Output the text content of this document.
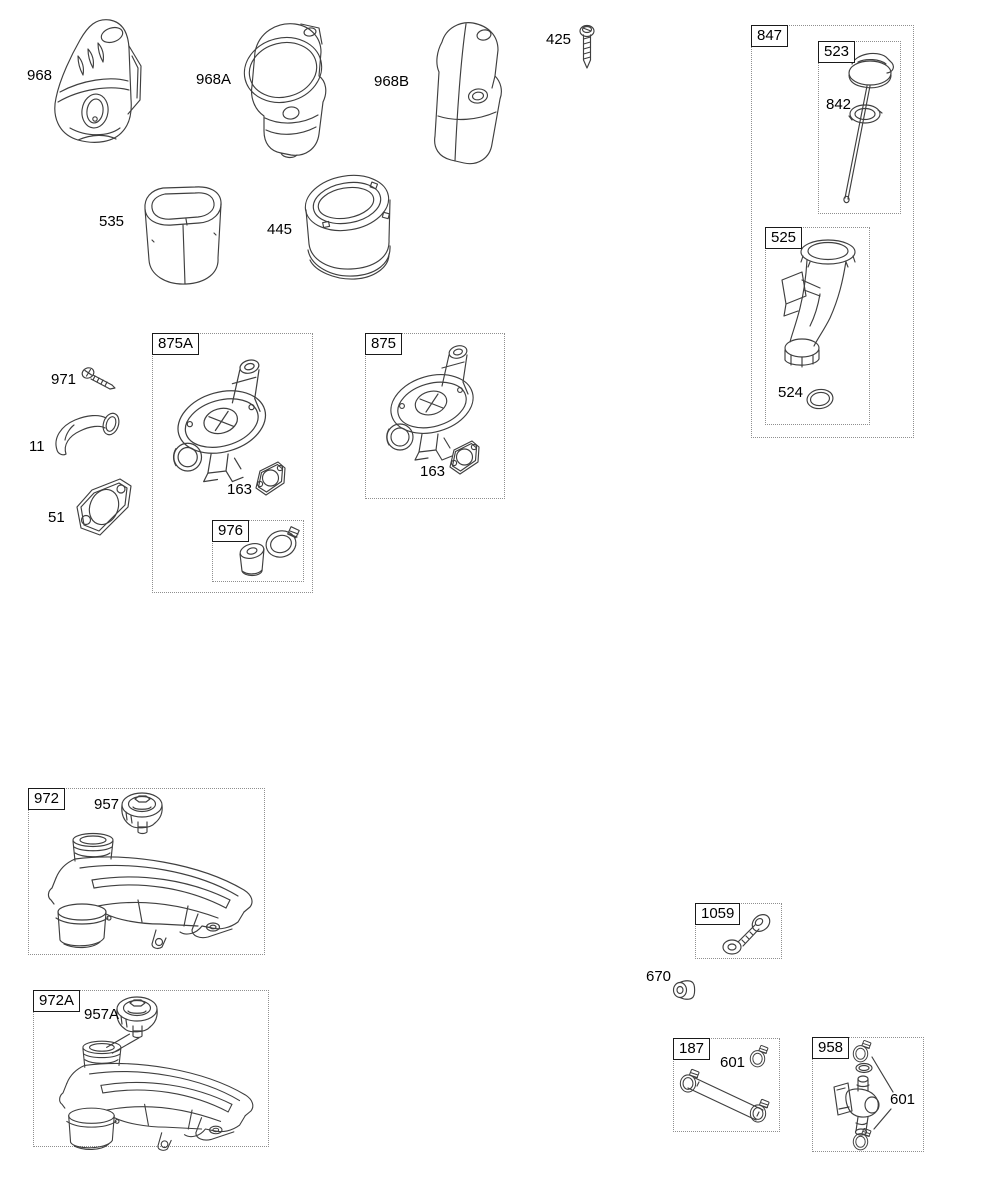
847
523
525
875A
976
875
972
972A
1059
187	958
968	968A	968B
425
842
524
535	445
971
11
51
163
163
957
957A
670
601
601
